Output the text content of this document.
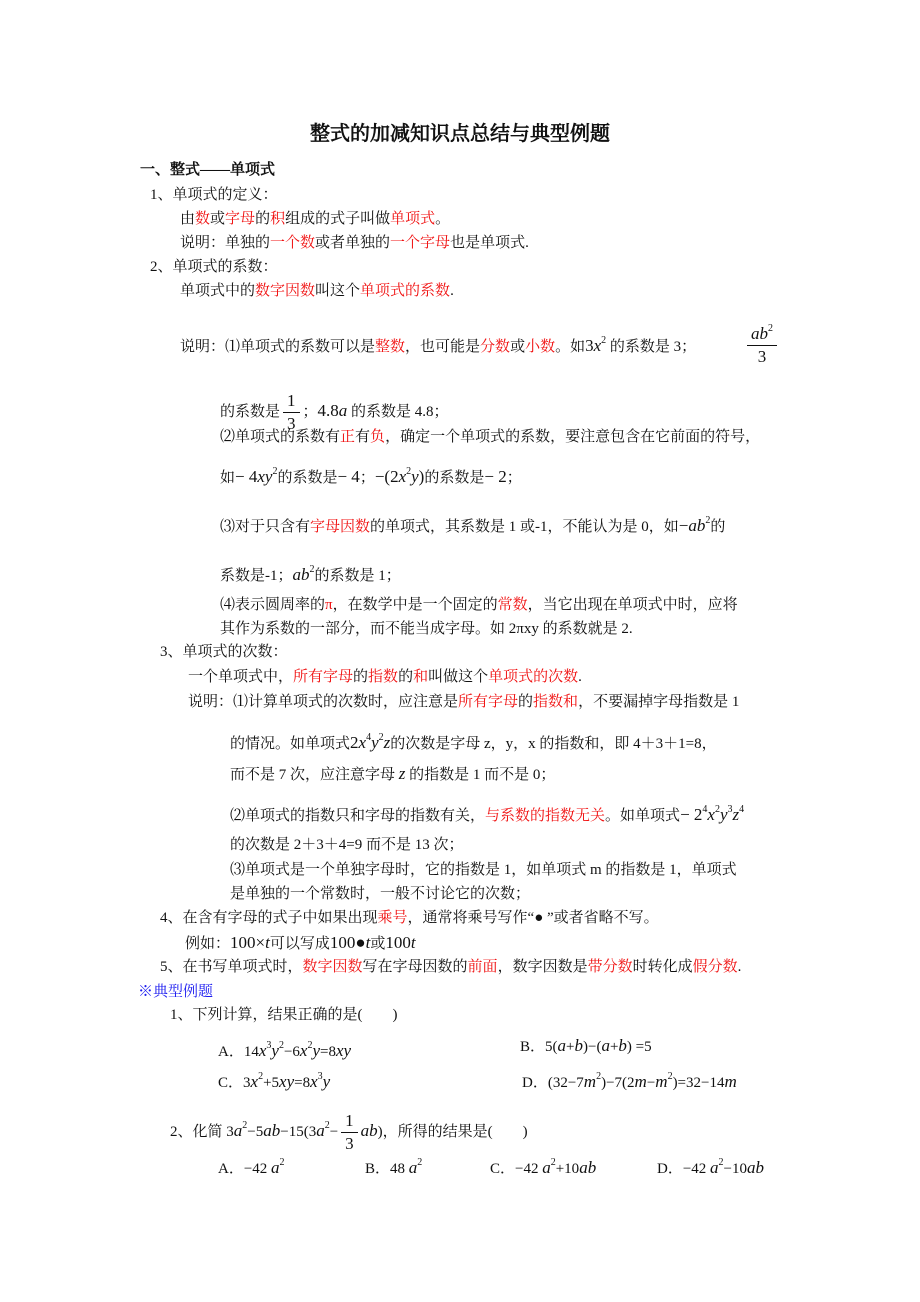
整式的加减知识点总结与典型例题
一、整式——单项式
1、单项式的定义：
由数或字母的积组成的式子叫做单项式。
说明：单独的一个数或者单独的一个字母也是单项式.
2、单项式的系数：
单项式中的数字因数叫这个单项式的系数.
说明：⑴单项式的系数可以是整数，也可能是分数或小数。如$3x^2$ 的系数是 3；	$\frac{ab^2}{3}$
的系数是 $\frac{1}{3}$ ；4.8a 的系数是 4.8；
⑵单项式的系数有正有负，确定一个单项式的系数，要注意包含在它前面的符号，
如− $4xy^2$的系数是− 4；$-(2x^2y)$的系数是− 2；
⑶对于只含有字母因数的单项式，其系数是 1 或-1，不能认为是 0，如$-ab^2$的
系数是-1；$ab^2$的系数是 1；
⑷表示圆周率的π，在数学中是一个固定的常数，当它出现在单项式中时，应将
其作为系数的一部分，而不能当成字母。如 2πxy 的系数就是 2.
3、单项式的次数：
一个单项式中，所有字母的指数的和叫做这个单项式的次数.
说明：⑴计算单项式的次数时，应注意是所有字母的指数和，不要漏掉字母指数是 1
的情况。如单项式$2x^4y^2z$的次数是字母 z，y，x 的指数和，即 4＋3＋1=8，
而不是 7 次，应注意字母 z 的指数是 1 而不是 0；
⑵单项式的指数只和字母的指数有关，与系数的指数无关。如单项式− $2^4x^2y^3z^4$
的次数是 2＋3＋4=9 而不是 13 次；
⑶单项式是一个单独字母时，它的指数是 1，如单项式 m 的指数是 1，单项式
是单独的一个常数时，一般不讨论它的次数；
4、在含有字母的式子中如果出现乘号，通常将乘号写作“● ”或者省略不写。
例如：100×t可以写成100●t或100t
5、在书写单项式时，数字因数写在字母因数的前面，数字因数是带分数时转化成假分数.
※典型例题
1、下列计算，结果正确的是(　　)
A．$14x^3y^2-6x^2y=8xy$	B．5(a+b)−(a+b) =5
C．$3x^2+5xy=8x^3y$	D．$(32-7m^2)-7(2m-m^2)=32-14m$
2、化简 $3a^2-5ab-15(3a^2- \frac{1}{3} ab)$，所得的结果是(　　)
A．−42 $a^2$	B．48 $a^2$	C．−42 $a^2+10ab$	D．−42 $a^2-10ab$
